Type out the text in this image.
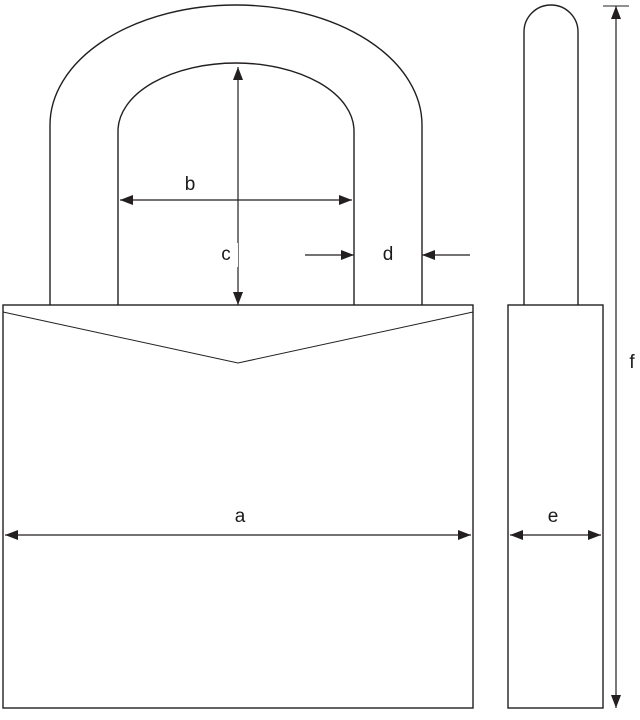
b
c	d
a	e
f
